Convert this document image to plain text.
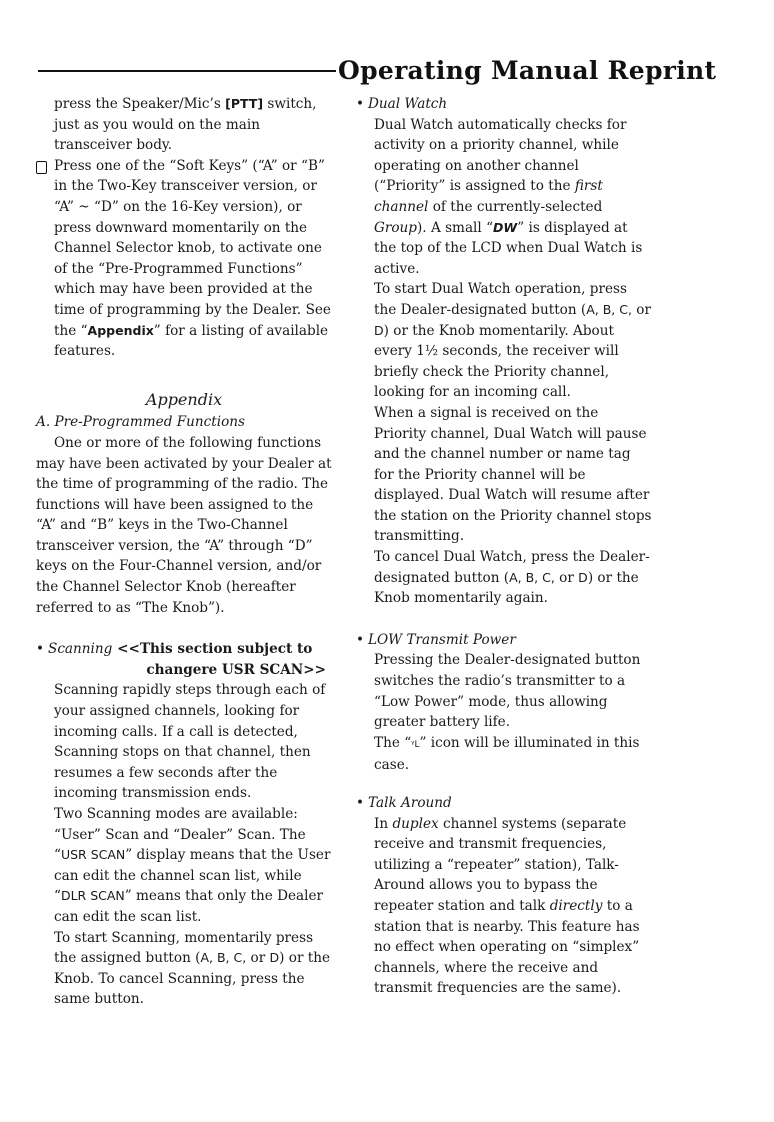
Operating Manual Reprint

press the Speaker/Mic’s [PTT] switch, just as you would on the main transceiver body.

Press one of the “Soft Keys” (“A” or “B” in the Two-Key transceiver version, or “A” ~ “D” on the 16-Key version), or press downward momentarily on the Channel Selector knob, to activate one of the “Pre-Programmed Functions” which may have been provided at the time of programming by the Dealer. See the “Appendix” for a listing of available features.

Appendix

A. Pre-Programmed Functions

One or more of the following functions may have been activated by your Dealer at the time of programming of the radio. The functions will have been assigned to the “A” and “B” keys in the Two-Channel transceiver version, the “A” through “D” keys on the Four-Channel version, and/or the Channel Selector Knob (hereafter referred to as “The Knob”).

• Scanning <<This section subject to

changere USR SCAN>>

Scanning rapidly steps through each of your assigned channels, looking for incoming calls. If a call is detected, Scanning stops on that channel, then resumes a few seconds after the incoming transmission ends.

Two Scanning modes are available: “User” Scan and “Dealer” Scan. The “USR SCAN” display means that the User can edit the channel scan list, while “DLR SCAN” means that only the Dealer can edit the scan list.

To start Scanning, momentarily press the assigned button (A, B, C, or D) or the Knob. To cancel Scanning, press the same button.

• Dual Watch

Dual Watch automatically checks for activity on a priority channel, while operating on another channel (“Priority” is assigned to the first channel of the currently-selected Group). A small “DW” is displayed at the top of the LCD when Dual Watch is active.

To start Dual Watch operation, press the Dealer-designated button (A, B, C, or D) or the Knob momentarily. About every 1½ seconds, the receiver will briefly check the Priority channel, looking for an incoming call.

When a signal is received on the Priority channel, Dual Watch will pause and the channel number or name tag for the Priority channel will be displayed. Dual Watch will resume after the station on the Priority channel stops transmitting.

To cancel Dual Watch, press the Dealer-designated button (A, B, C, or D) or the Knob momentarily again.

• LOW Transmit Power

Pressing the Dealer-designated button switches the radio’s transmitter to a “Low Power” mode, thus allowing greater battery life.

The “ᵞL” icon will be illuminated in this case.

• Talk Around

In duplex channel systems (separate receive and transmit frequencies, utilizing a “repeater” station), Talk-Around allows you to bypass the repeater station and talk directly to a station that is nearby. This feature has no effect when operating on “simplex” channels, where the receive and transmit frequencies are the same).
